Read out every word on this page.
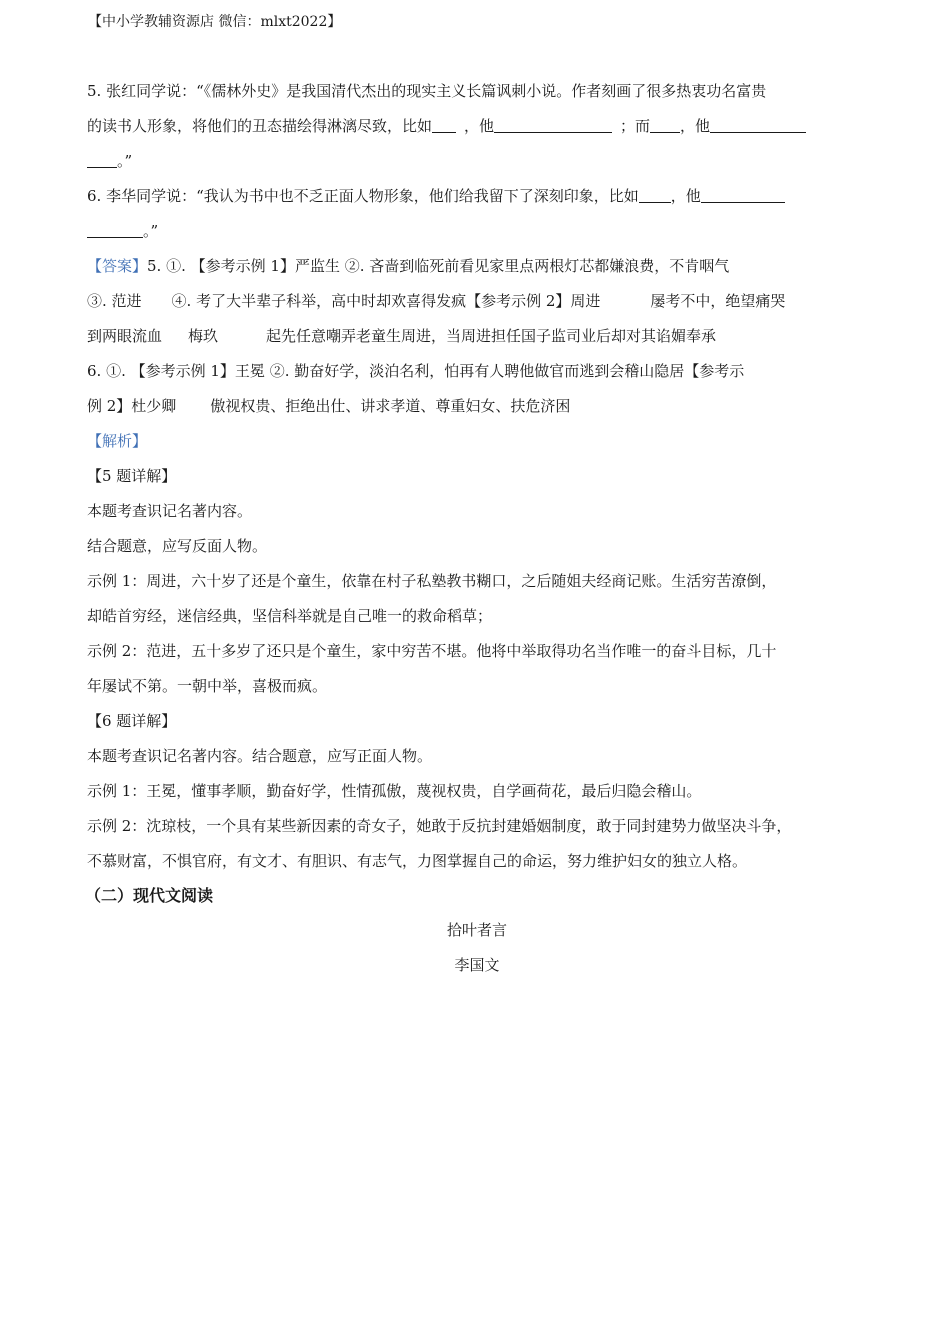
【中小学教辅资源店 微信：mlxt2022】

5. 张红同学说：“《儒林外史》是我国清代杰出的现实主义长篇讽刺小说。作者刻画了很多热衷功名富贵

的读书人形象，将他们的丑态描绘得淋漓尽致，比如 ，他	；而 ，他

。”

6. 李华同学说：“我认为书中也不乏正面人物形象，他们给我留下了深刻印象，比如 ，他

。”

【答案】5. ①. 【参考示例 1】严监生 ②. 吝啬到临死前看见家里点两根灯芯都嫌浪费，不肯咽气

③. 范进 ④. 考了大半辈子科举，高中时却欢喜得发疯【参考示例 2】周进	屡考不中，绝望痛哭

到两眼流血 梅玖	起先任意嘲弄老童生周进，当周进担任国子监司业后却对其谄媚奉承

6. ①. 【参考示例 1】王冕 ②. 勤奋好学，淡泊名利，怕再有人聘他做官而逃到会稽山隐居【参考示

例 2】杜少卿 傲视权贵、拒绝出仕、讲求孝道、尊重妇女、扶危济困

【解析】

【5 题详解】

本题考查识记名著内容。

结合题意，应写反面人物。

示例 1：周进，六十岁了还是个童生，依靠在村子私塾教书糊口，之后随姐夫经商记账。生活穷苦潦倒，

却皓首穷经，迷信经典，坚信科举就是自己唯一的救命稻草；

示例 2：范进，五十多岁了还只是个童生，家中穷苦不堪。他将中举取得功名当作唯一的奋斗目标，几十

年屡试不第。一朝中举，喜极而疯。

【6 题详解】

本题考查识记名著内容。结合题意，应写正面人物。

示例 1：王冕，懂事孝顺，勤奋好学，性情孤傲，蔑视权贵，自学画荷花，最后归隐会稽山。

示例 2：沈琼枝，一个具有某些新因素的奇女子，她敢于反抗封建婚姻制度，敢于同封建势力做坚决斗争，

不慕财富，不惧官府，有文才、有胆识、有志气，力图掌握自己的命运，努力维护妇女的独立人格。

（二）现代文阅读

拾叶者言

李国文
